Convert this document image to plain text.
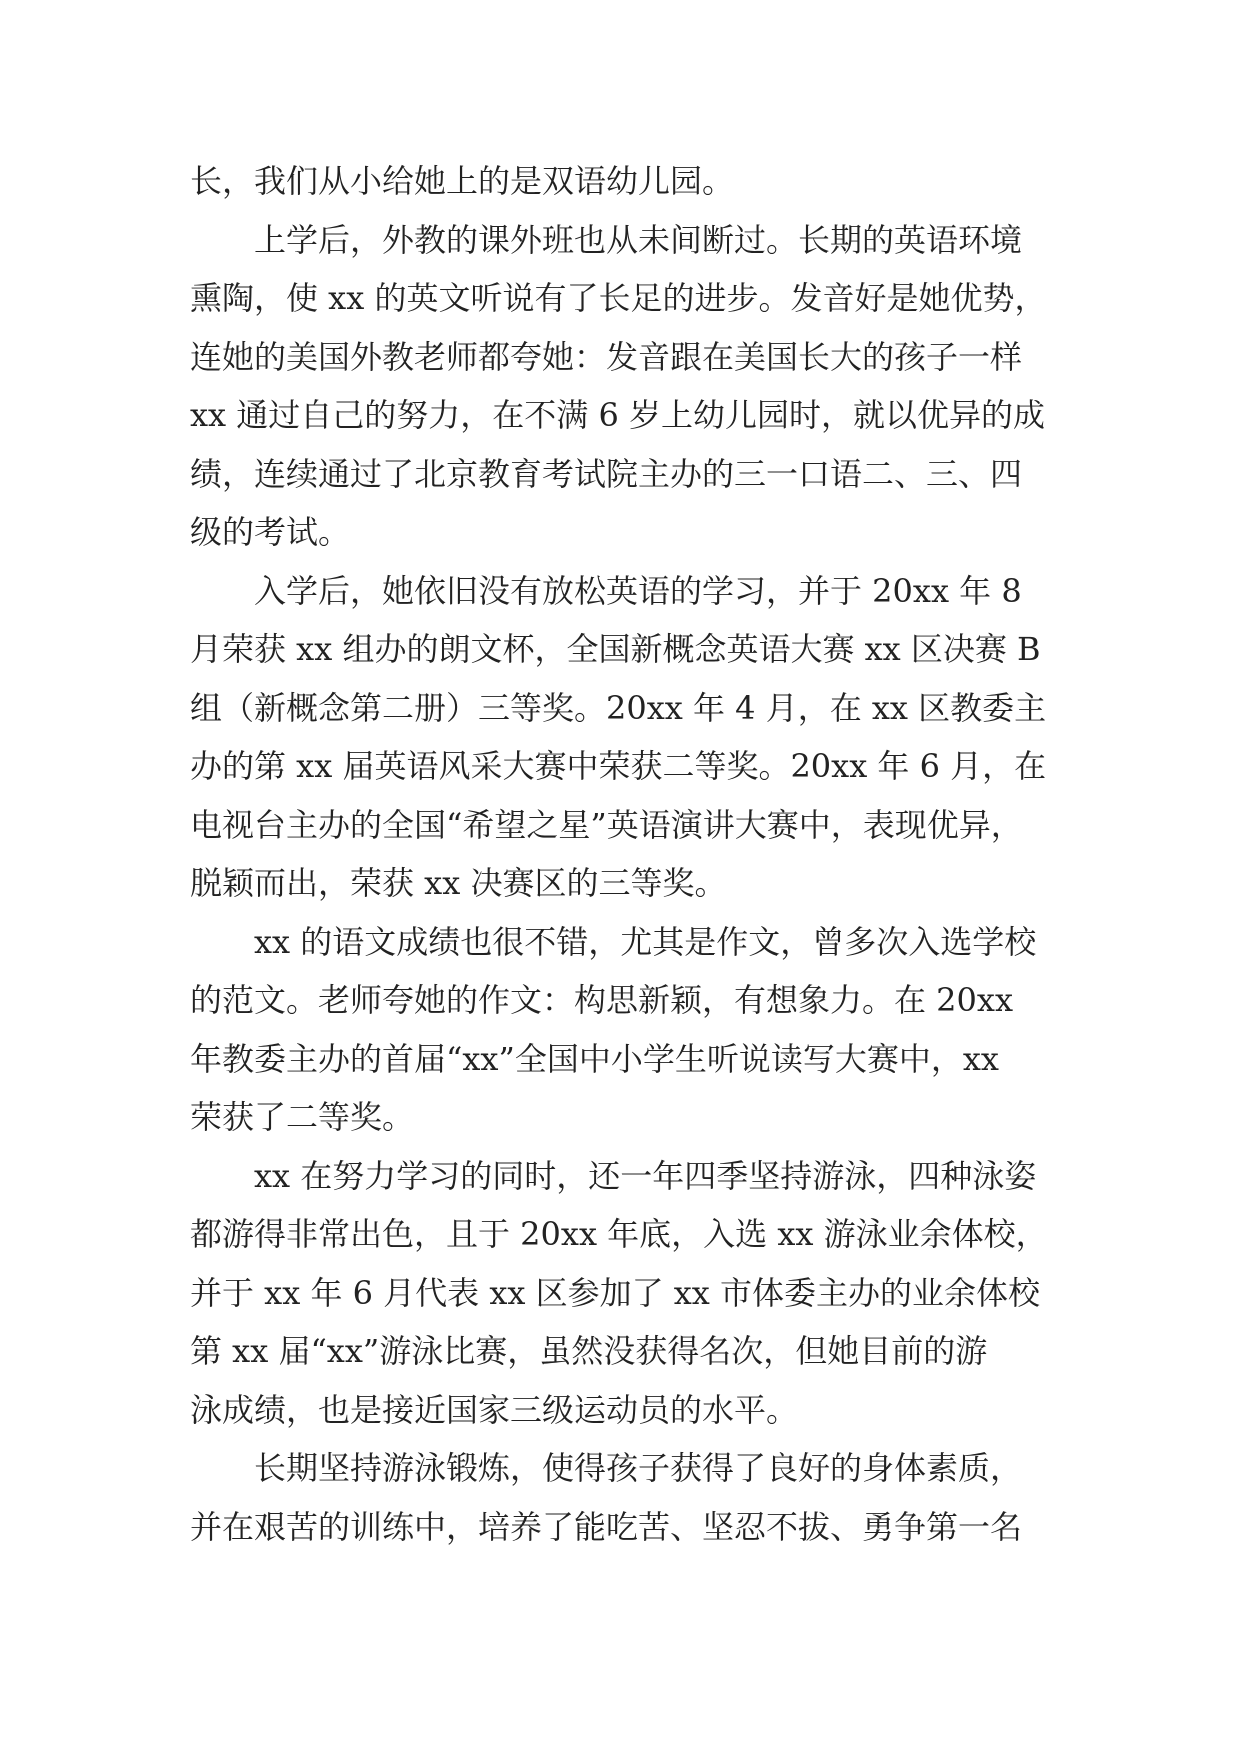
长，我们从小给她上的是双语幼儿园。
上学后，外教的课外班也从未间断过。长期的英语环境
熏陶，使 xx 的英文听说有了长足的进步。发音好是她优势，
连她的美国外教老师都夸她：发音跟在美国长大的孩子一样
xx 通过自己的努力，在不满 6 岁上幼儿园时，就以优异的成
绩，连续通过了北京教育考试院主办的三一口语二、三、四
级的考试。
入学后，她依旧没有放松英语的学习，并于 20xx 年 8
月荣获 xx 组办的朗文杯，全国新概念英语大赛 xx 区决赛 B
组（新概念第二册）三等奖。20xx 年 4 月，在 xx 区教委主
办的第 xx 届英语风采大赛中荣获二等奖。20xx 年 6 月，在
电视台主办的全国“希望之星”英语演讲大赛中，表现优异，
脱颖而出，荣获 xx 决赛区的三等奖。
xx 的语文成绩也很不错，尤其是作文，曾多次入选学校
的范文。老师夸她的作文：构思新颖，有想象力。在 20xx
年教委主办的首届“xx”全国中小学生听说读写大赛中，xx
荣获了二等奖。
xx 在努力学习的同时，还一年四季坚持游泳，四种泳姿
都游得非常出色，且于 20xx 年底，入选 xx 游泳业余体校，
并于 xx 年 6 月代表 xx 区参加了 xx 市体委主办的业余体校
第 xx 届“xx”游泳比赛，虽然没获得名次，但她目前的游
泳成绩，也是接近国家三级运动员的水平。
长期坚持游泳锻炼，使得孩子获得了良好的身体素质，
并在艰苦的训练中，培养了能吃苦、坚忍不拔、勇争第一名
